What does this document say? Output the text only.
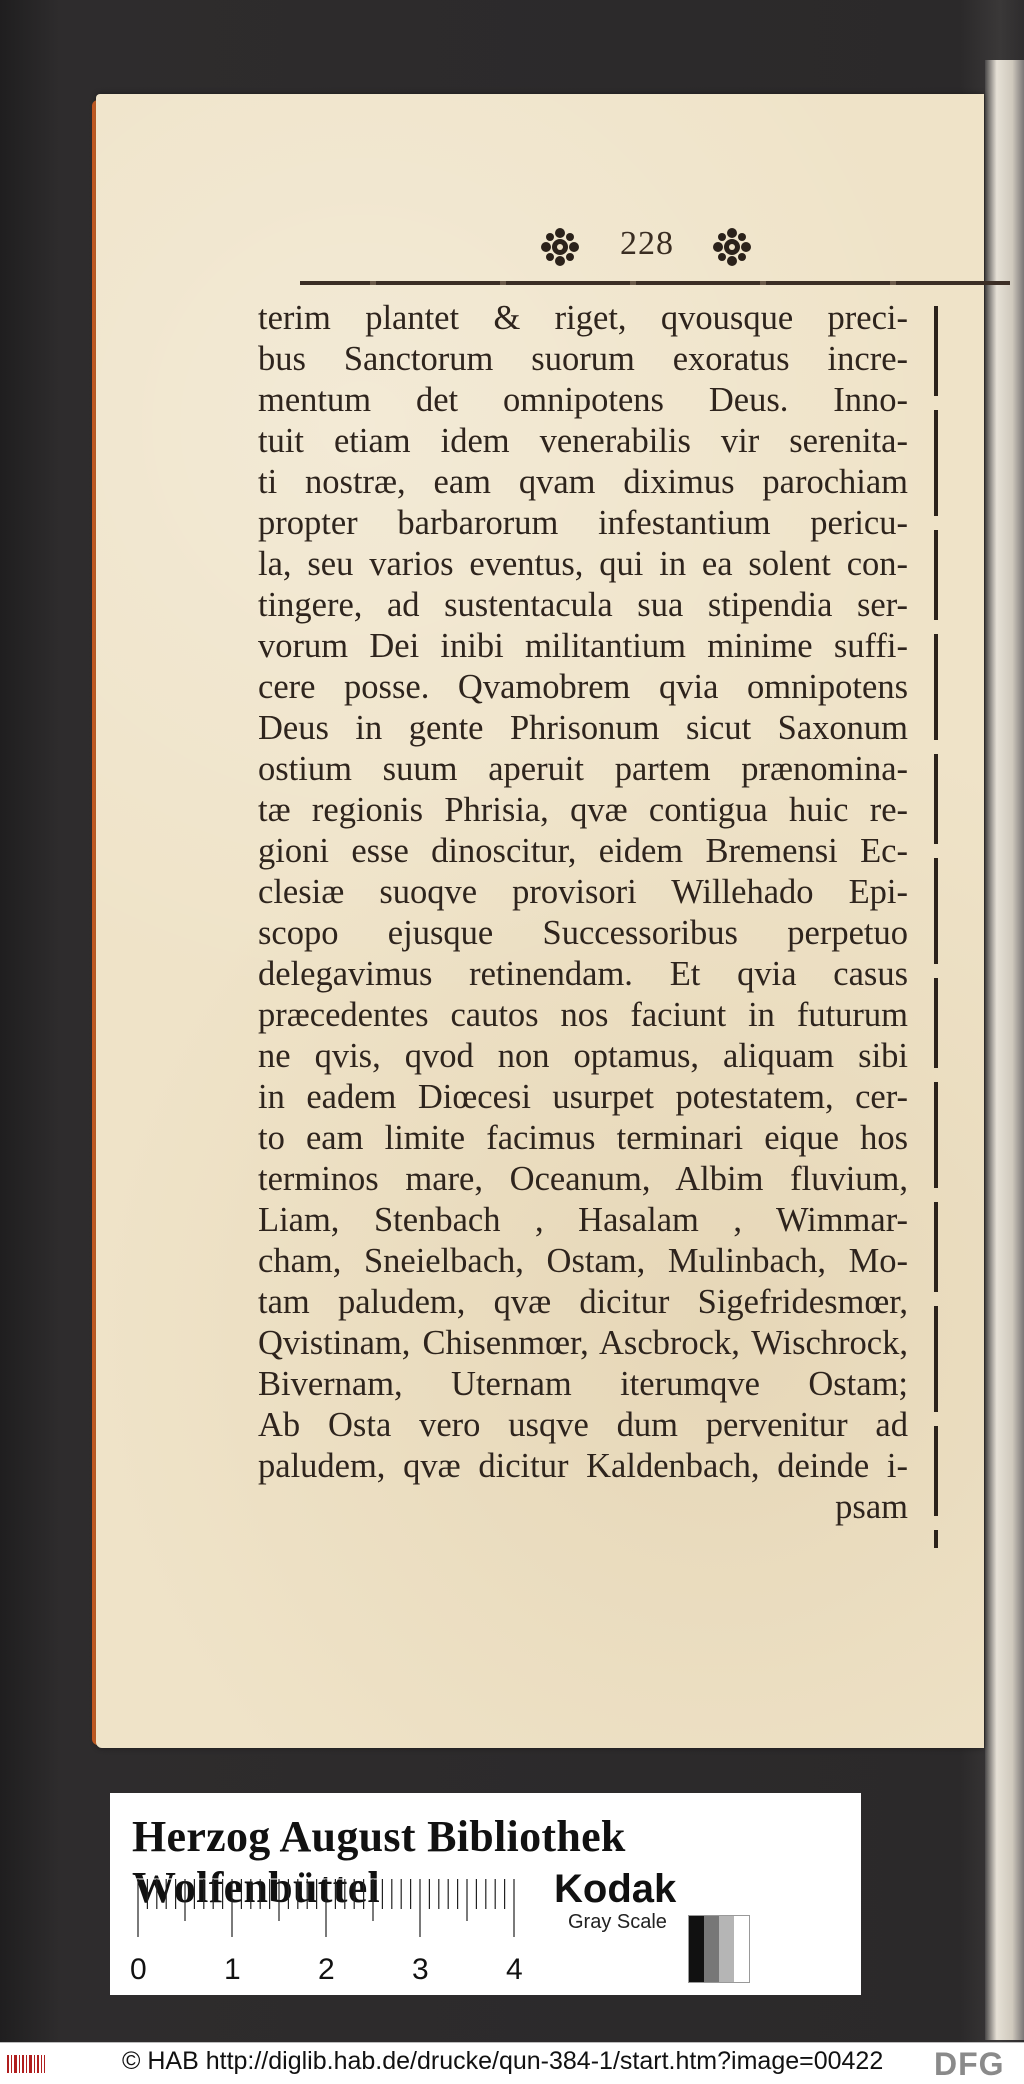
228
terim plantet & riget, qvousque preci-
bus Sanctorum suorum exoratus incre-
mentum det omnipotens Deus. Inno-
tuit etiam idem venerabilis vir serenita-
ti nostræ, eam qvam diximus parochiam
propter barbarorum infestantium pericu-
la, seu varios eventus, qui in ea solent con-
tingere, ad sustentacula sua stipendia ser-
vorum Dei inibi militantium minime suffi-
cere posse. Qvamobrem qvia omnipotens
Deus in gente Phrisonum sicut Saxonum
ostium suum aperuit partem prænomina-
tæ regionis Phrisia, qvæ contigua huic re-
gioni esse dinoscitur, eidem Bremensi Ec-
clesiæ suoqve provisori Willehado Epi-
scopo ejusque Successoribus perpetuo
delegavimus retinendam. Et qvia casus
præcedentes cautos nos faciunt in futurum
ne qvis, qvod non optamus, aliquam sibi
in eadem Diœcesi usurpet potestatem, cer-
to eam limite facimus terminari eique hos
terminos mare, Oceanum, Albim fluvium,
Liam, Stenbach , Hasalam , Wimmar-
cham, Sneielbach, Ostam, Mulinbach, Mo-
tam paludem, qvæ dicitur Sigefridesmœr,
Qvistinam, Chisenmœr, Ascbrock, Wischrock,
Bivernam, Uternam iterumqve Ostam;
Ab Osta vero usqve dum pervenitur ad
paludem, qvæ dicitur Kaldenbach, deinde i-
psam
Herzog August Bibliothek Wolfenbüttel
0	1	2	3	4
Kodak
Gray Scale
© HAB http://diglib.hab.de/drucke/qun-384-1/start.htm?image=00422 DFG
